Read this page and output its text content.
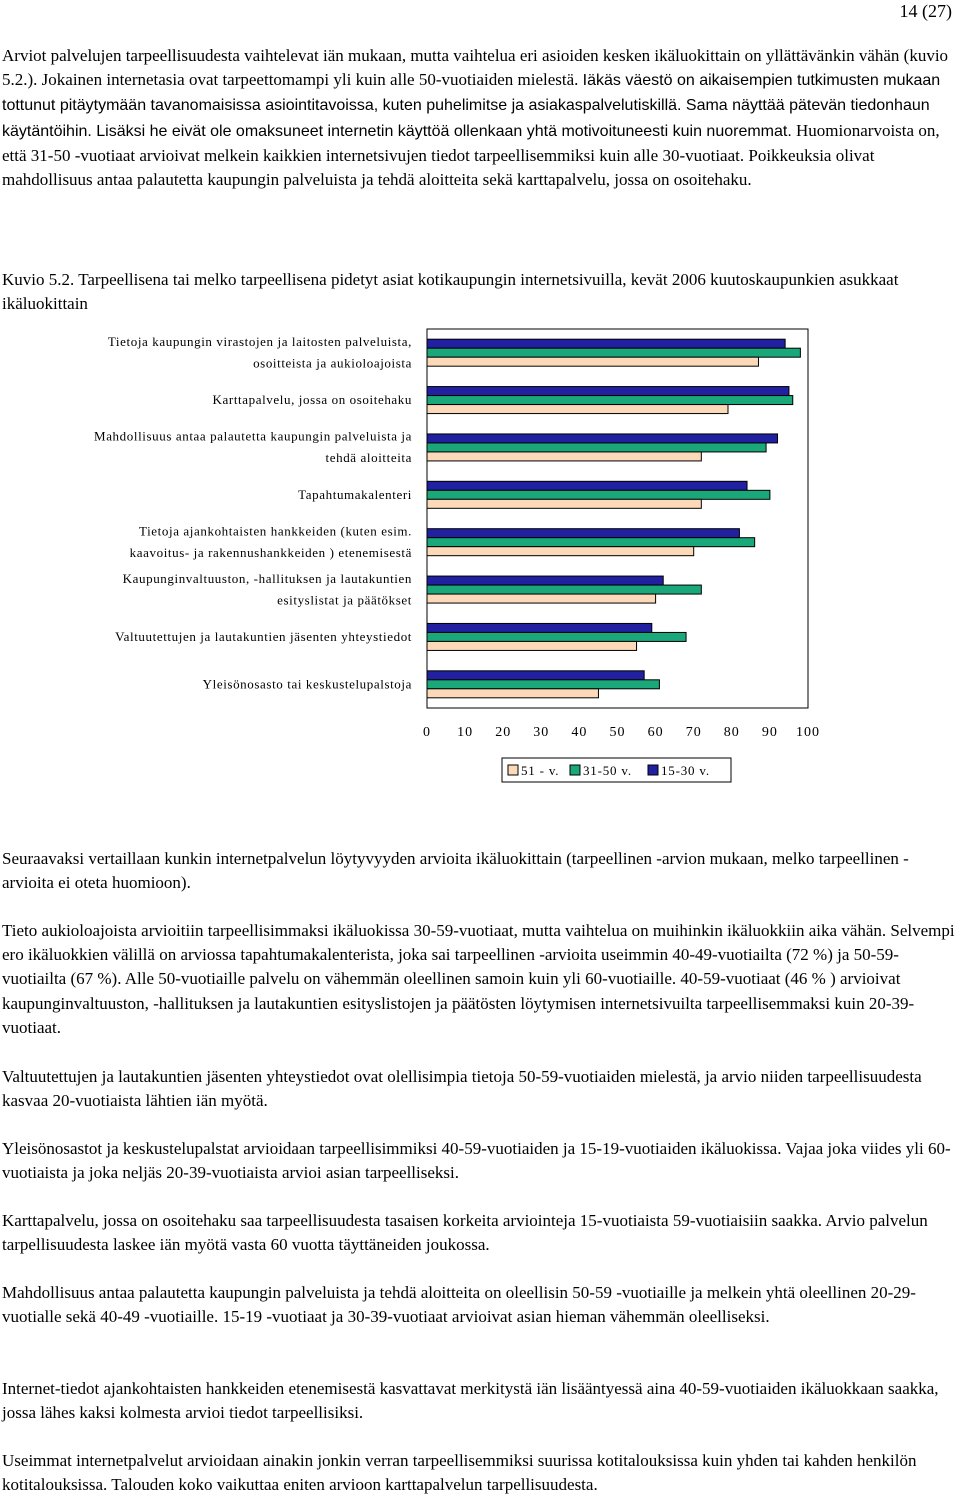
14 (27)

Arviot palvelujen tarpeellisuudesta vaihtelevat iän mukaan, mutta vaihtelua eri asioiden kesken ikäluokittain on yllättävänkin vähän (kuvio 5.2.). Jokainen internetasia ovat tarpeettomampi yli kuin alle 50-vuotiaiden mielestä. Iäkäs väestö on aikaisempien tutkimusten mukaan tottunut pitäytymään tavanomaisissa asiointitavoissa, kuten puhelimitse ja asiakaspalvelutiskillä. Sama näyttää pätevän tiedonhaun käytäntöihin. Lisäksi he eivät ole omaksuneet internetin käyttöä ollenkaan yhtä motivoituneesti kuin nuoremmat. Huomionarvoista on, että 31-50 -vuotiaat arvioivat melkein kaikkien internetsivujen tiedot tarpeellisemmiksi kuin alle 30-vuotiaat. Poikkeuksia olivat mahdollisuus antaa palautetta kaupungin palveluista ja tehdä aloitteita sekä karttapalvelu, jossa on osoitehaku.

Kuvio 5.2. Tarpeellisena tai melko tarpeellisena pidetyt asiat kotikaupungin internetsivuilla, kevät 2006 kuutoskaupunkien asukkaat ikäluokittain

Tietoja kaupungin virastojen ja laitosten palveluista,
osoitteista ja aukioloajoista
Karttapalvelu, jossa on osoitehaku
Mahdollisuus antaa palautetta kaupungin palveluista ja
tehdä aloitteita
Tapahtumakalenteri
Tietoja ajankohtaisten hankkeiden (kuten esim.
kaavoitus- ja rakennushankkeiden ) etenemisestä
Kaupunginvaltuuston, -hallituksen ja lautakuntien
esityslistat ja päätökset
Valtuutettujen ja lautakuntien jäsenten yhteystiedot
Yleisönosasto tai keskustelupalstoja
0 10 20 30 40 50 60 70 80 90 100
51 - v. 31-50 v. 15-30 v.

Seuraavaksi vertaillaan kunkin internetpalvelun löytyvyyden arvioita ikäluokittain (tarpeellinen -arvion mukaan, melko tarpeellinen -arvioita ei oteta huomioon).

Tieto aukioloajoista arvioitiin tarpeellisimmaksi ikäluokissa 30-59-vuotiaat, mutta vaihtelua on muihinkin ikäluokkiin aika vähän. Selvempi ero ikäluokkien välillä on arviossa tapahtumakalenterista, joka sai tarpeellinen -arvioita useimmin 40-49-vuotiailta (72 %) ja 50-59-vuotiailta (67 %). Alle 50-vuotiaille palvelu on vähemmän oleellinen samoin kuin yli 60-vuotiaille. 40-59-vuotiaat (46 % ) arvioivat kaupunginvaltuuston, -hallituksen ja lautakuntien esityslistojen ja päätösten löytymisen internetsivuilta tarpeellisemmaksi kuin 20-39-vuotiaat.

Valtuutettujen ja lautakuntien jäsenten yhteystiedot ovat olellisimpia tietoja 50-59-vuotiaiden mielestä, ja arvio niiden tarpeellisuudesta kasvaa 20-vuotiaista lähtien iän myötä.

Yleisönosastot ja keskustelupalstat arvioidaan tarpeellisimmiksi 40-59-vuotiaiden ja 15-19-vuotiaiden ikäluokissa. Vajaa joka viides yli 60-vuotiaista ja joka neljäs 20-39-vuotiaista arvioi asian tarpeelliseksi.

Karttapalvelu, jossa on osoitehaku saa tarpeellisuudesta tasaisen korkeita arviointeja 15-vuotiaista 59-vuotiaisiin saakka. Arvio palvelun tarpellisuudesta laskee iän myötä vasta 60 vuotta täyttäneiden joukossa.

Mahdollisuus antaa palautetta kaupungin palveluista ja tehdä aloitteita on oleellisin 50-59 -vuotiaille ja melkein yhtä oleellinen 20-29- vuotialle sekä 40-49 -vuotiaille. 15-19 -vuotiaat ja 30-39-vuotiaat arvioivat asian hieman vähemmän oleelliseksi.

Internet-tiedot ajankohtaisten hankkeiden etenemisestä kasvattavat merkitystä iän lisääntyessä aina 40-59-vuotiaiden ikäluokkaan saakka, jossa lähes kaksi kolmesta arvioi tiedot tarpeellisiksi.

Useimmat internetpalvelut arvioidaan ainakin jonkin verran tarpeellisemmiksi suurissa kotitalouksissa kuin yhden tai kahden henkilön kotitalouksissa. Talouden koko vaikuttaa eniten arvioon karttapalvelun tarpellisuudesta.
